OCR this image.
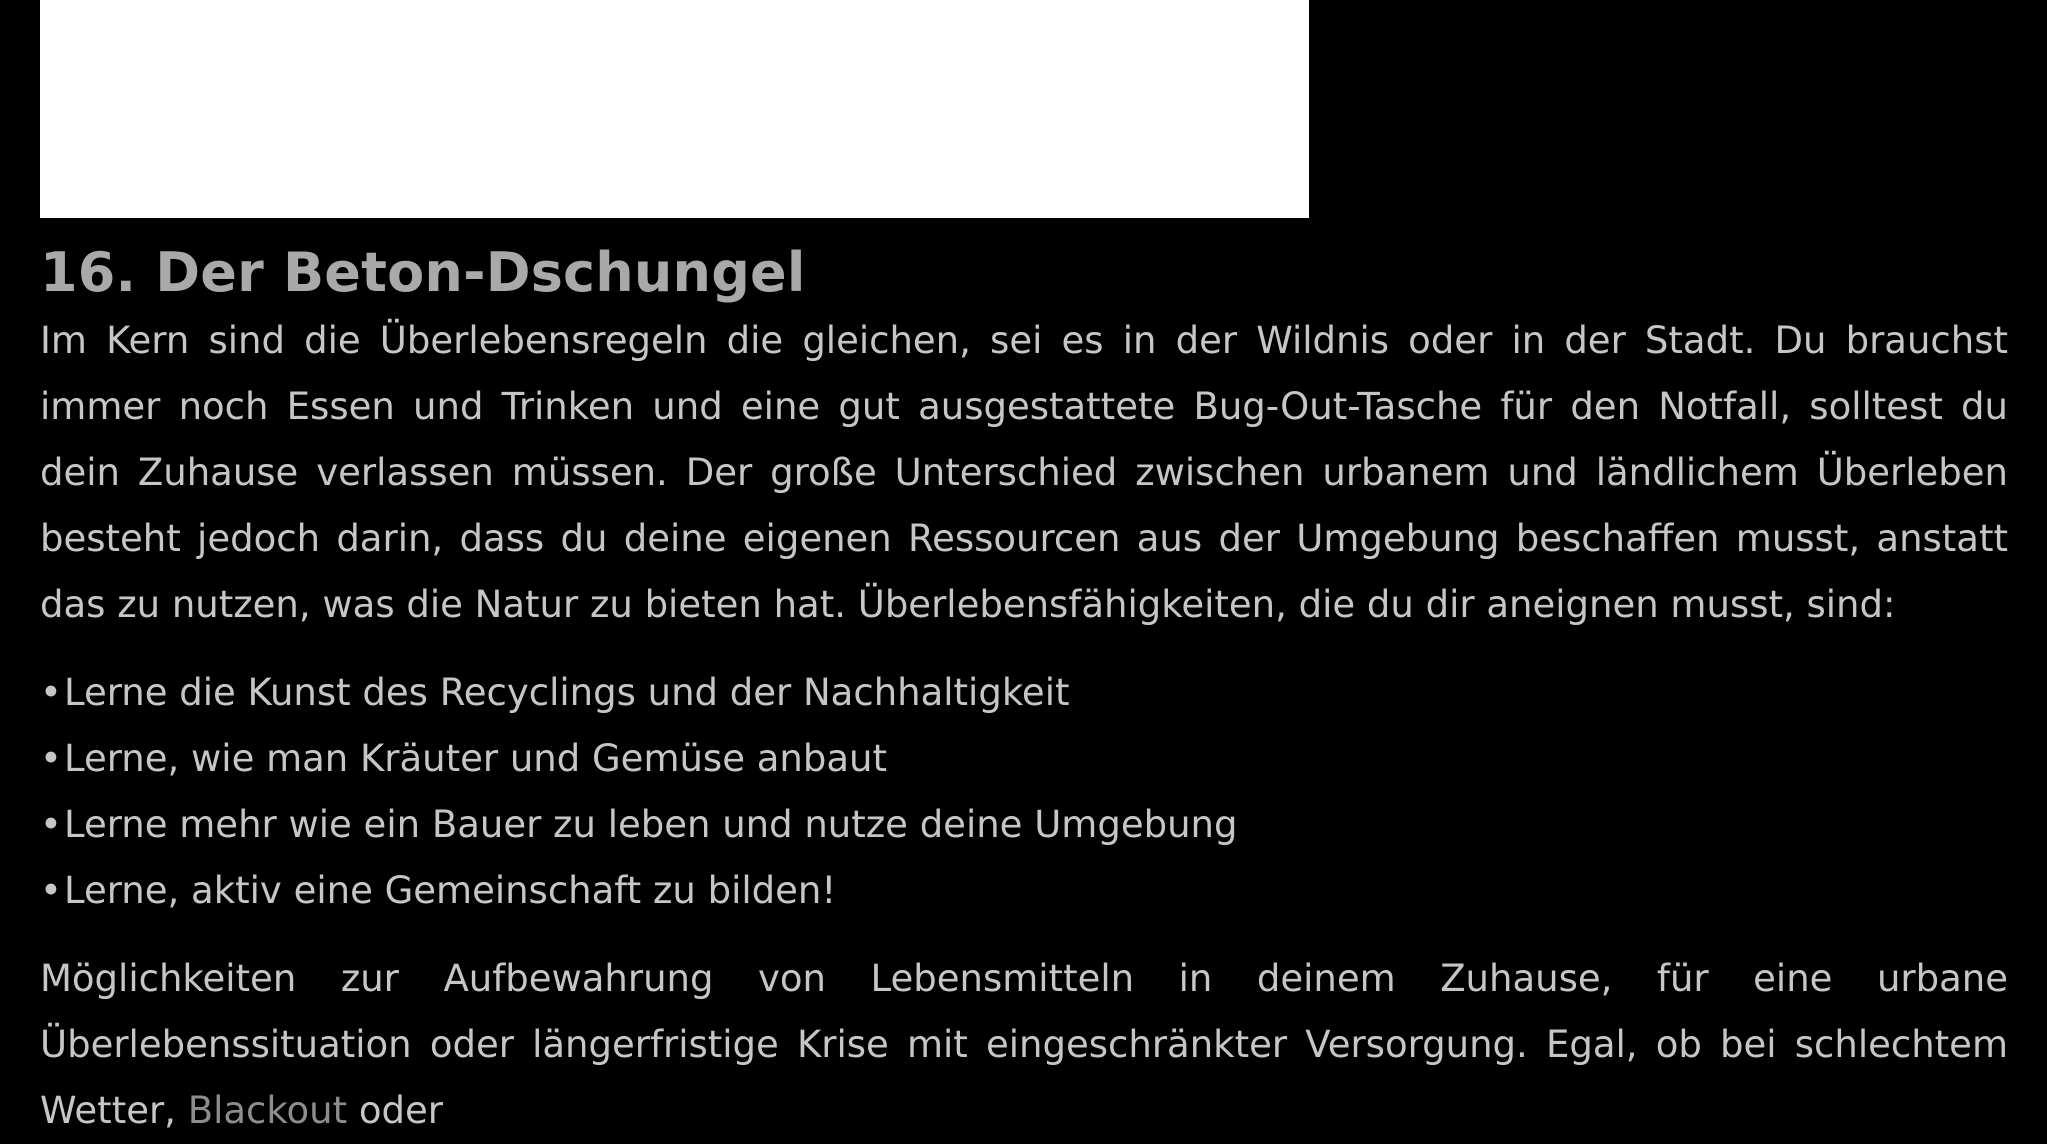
16. Der Beton-Dschungel

Im Kern sind die Überlebensregeln die gleichen, sei es in der Wildnis oder in der Stadt. Du brauchst immer noch Essen und Trinken und eine gut ausgestattete Bug-Out-Tasche für den Notfall, solltest du dein Zuhause verlassen müssen. Der große Unterschied zwischen urbanem und ländlichem Überleben besteht jedoch darin, dass du deine eigenen Ressourcen aus der Umgebung beschaffen musst, anstatt das zu nutzen, was die Natur zu bieten hat. Überlebensfähigkeiten, die du dir aneignen musst, sind:

•Lerne die Kunst des Recyclings und der Nachhaltigkeit
•Lerne, wie man Kräuter und Gemüse anbaut
•Lerne mehr wie ein Bauer zu leben und nutze deine Umgebung
•Lerne, aktiv eine Gemeinschaft zu bilden!

Möglichkeiten zur Aufbewahrung von Lebensmitteln in deinem Zuhause, für eine urbane Überlebenssituation oder längerfristige Krise mit eingeschränkter Versorgung. Egal, ob bei schlechtem Wetter, Blackout oder
